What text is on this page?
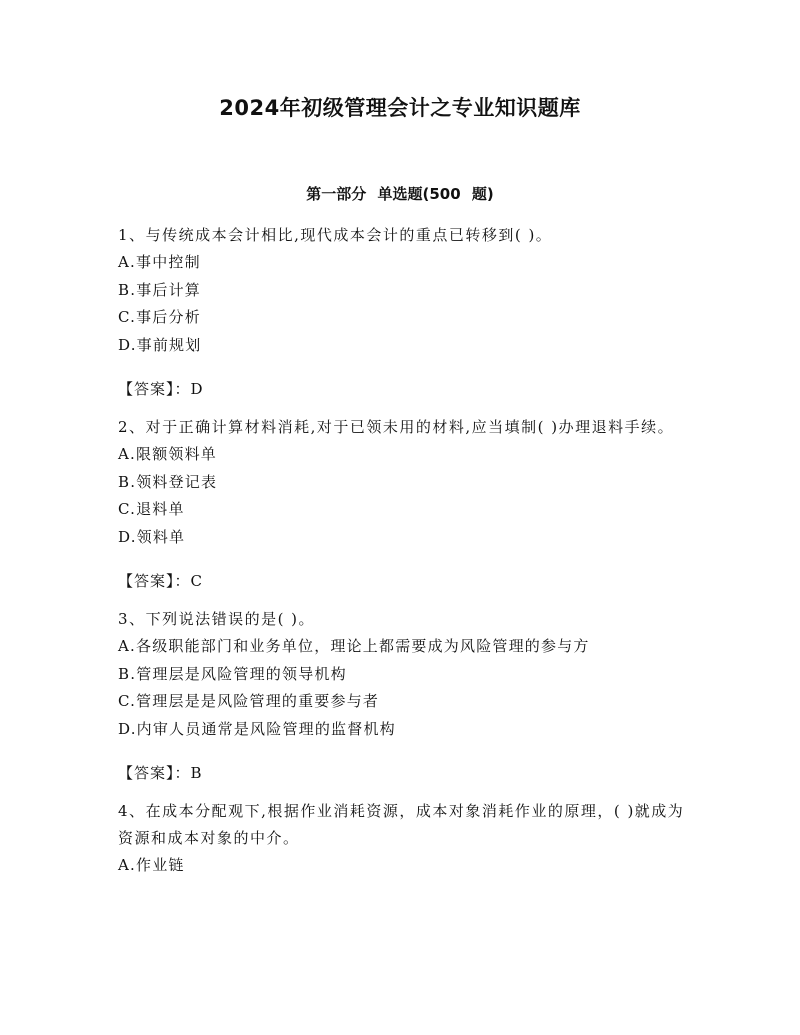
2024年初级管理会计之专业知识题库
第一部分 单选题(500 题)
1 、 与传统成本会计相比,现代成本会计的重点已转移到( )。
A.事中控制
B.事后计算
C.事后分析
D.事前规划
【答案】：D
2 、 对于正确计算材料消耗,对于已领未用的材料,应当填制( )办理退料手续。
A.限额领料单
B.领料登记表
C.退料单
D.领料单
【答案】：C
3 、 下列说法错误的是( )。
A.各级职能部门和业务单位，理论上都需要成为风险管理的参与方
B.管理层是风险管理的领导机构
C.管理层是是风险管理的重要参与者
D.内审人员通常是风险管理的监督机构
【答案】：B
4 、 在成本分配观下,根据作业消耗资源，成本对象消耗作业的原理，( )就成为资源和成本对象的中介。
A.作业链
